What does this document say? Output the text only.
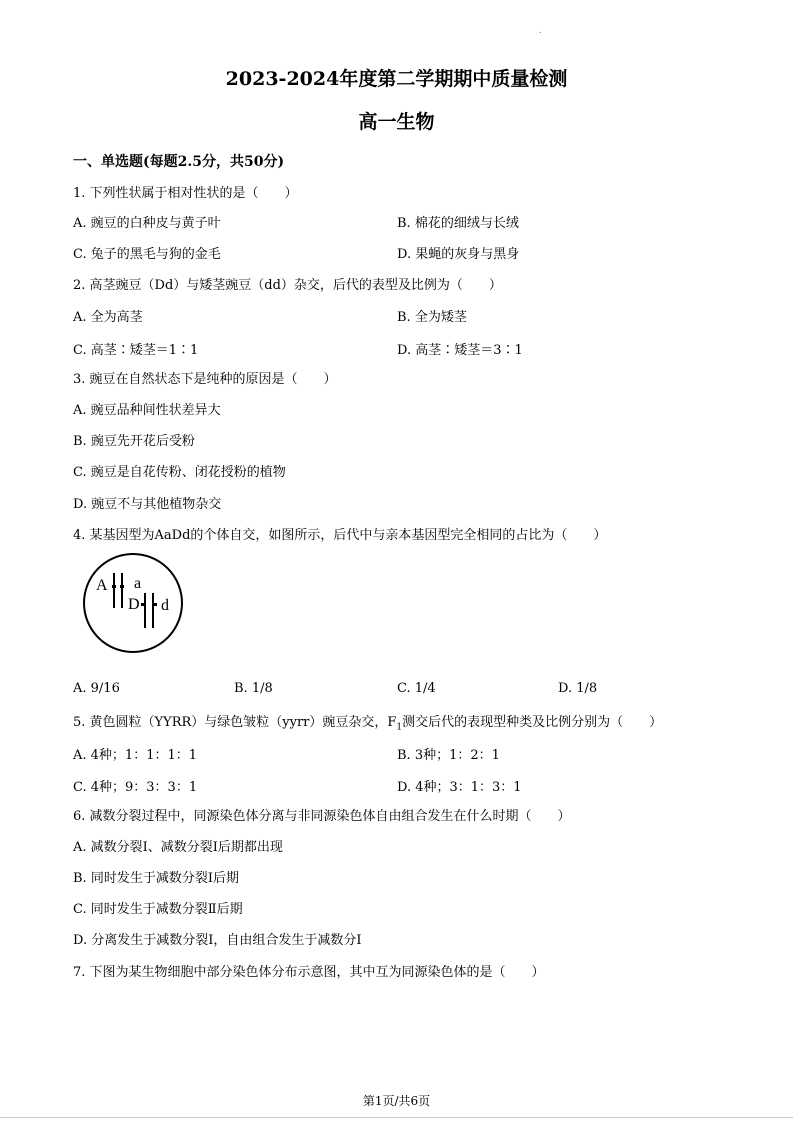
.
2023-2024年度第二学期期中质量检测
高一生物
一、单选题(每题2.5分，共50分)
1. 下列性状属于相对性状的是（　　）
A. 豌豆的白种皮与黄子叶	B. 棉花的细绒与长绒
C. 兔子的黑毛与狗的金毛	D. 果蝇的灰身与黑身
2. 高茎豌豆（Dd）与矮茎豌豆（dd）杂交，后代的表型及比例为（　　）
A. 全为高茎	B. 全为矮茎
C. 高茎∶矮茎＝1∶1	D. 高茎∶矮茎＝3∶1
3. 豌豆在自然状态下是纯种的原因是（　　）
A. 豌豆品种间性状差异大
B. 豌豆先开花后受粉
C. 豌豆是自花传粉、闭花授粉的植物
D. 豌豆不与其他植物杂交
4. 某基因型为AaDd的个体自交，如图所示，后代中与亲本基因型完全相同的占比为（　　）
A a
D d
A. 9/16	B. 1/8	C. 1/4	D. 1/8
5. 黄色圆粒（YYRR）与绿色皱粒（yyrr）豌豆杂交，$F_1$测交后代的表现型种类及比例分别为（　　）
A. 4种；1：1：1：1	B. 3种；1：2：1
C. 4种；9：3：3：1	D. 4种；3：1：3：1
6. 减数分裂过程中，同源染色体分离与非同源染色体自由组合发生在什么时期（　　）
A. 减数分裂Ⅰ、减数分裂Ⅰ后期都出现
B. 同时发生于减数分裂Ⅰ后期
C. 同时发生于减数分裂Ⅱ后期
D. 分离发生于减数分裂Ⅰ，自由组合发生于减数分Ⅰ
7. 下图为某生物细胞中部分染色体分布示意图，其中互为同源染色体的是（　　）
第1页/共6页
